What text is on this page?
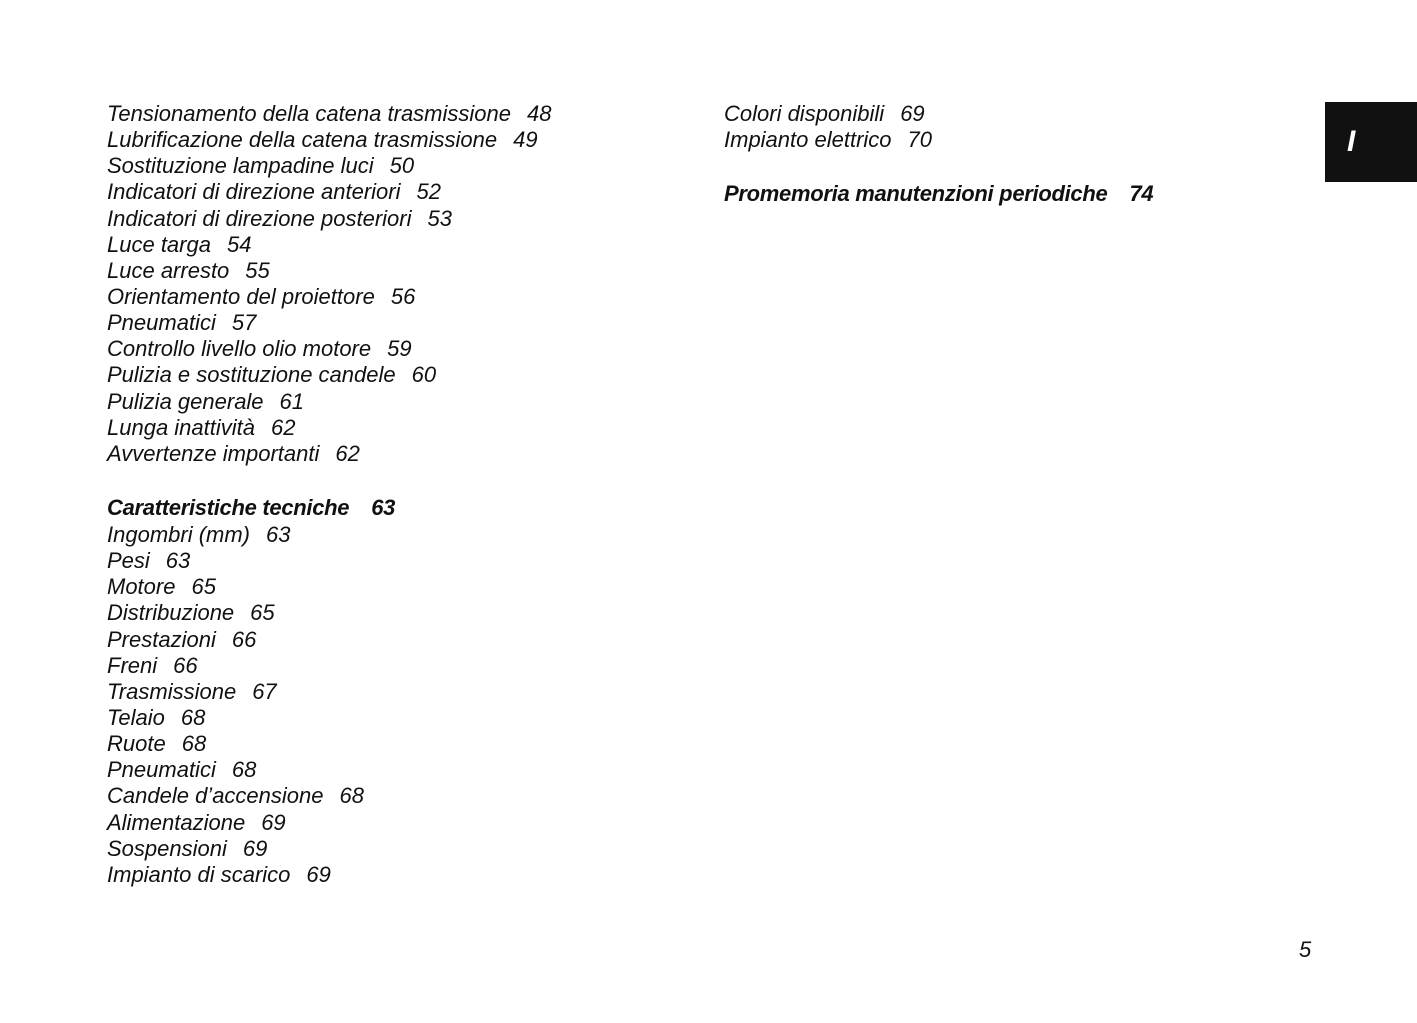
Tensionamento della catena trasmissione 48
Lubrificazione della catena trasmissione 49
Sostituzione lampadine luci 50
Indicatori di direzione anteriori 52
Indicatori di direzione posteriori 53
Luce targa 54
Luce arresto 55
Orientamento del proiettore 56
Pneumatici 57
Controllo livello olio motore 59
Pulizia e sostituzione candele 60
Pulizia generale 61
Lunga inattività 62
Avvertenze importanti 62
Caratteristiche tecniche 63
Ingombri (mm) 63
Pesi 63
Motore 65
Distribuzione 65
Prestazioni 66
Freni 66
Trasmissione 67
Telaio 68
Ruote 68
Pneumatici 68
Candele d’accensione 68
Alimentazione 69
Sospensioni 69
Impianto di scarico 69
Colori disponibili 69
Impianto elettrico 70
Promemoria manutenzioni periodiche 74
I
5
